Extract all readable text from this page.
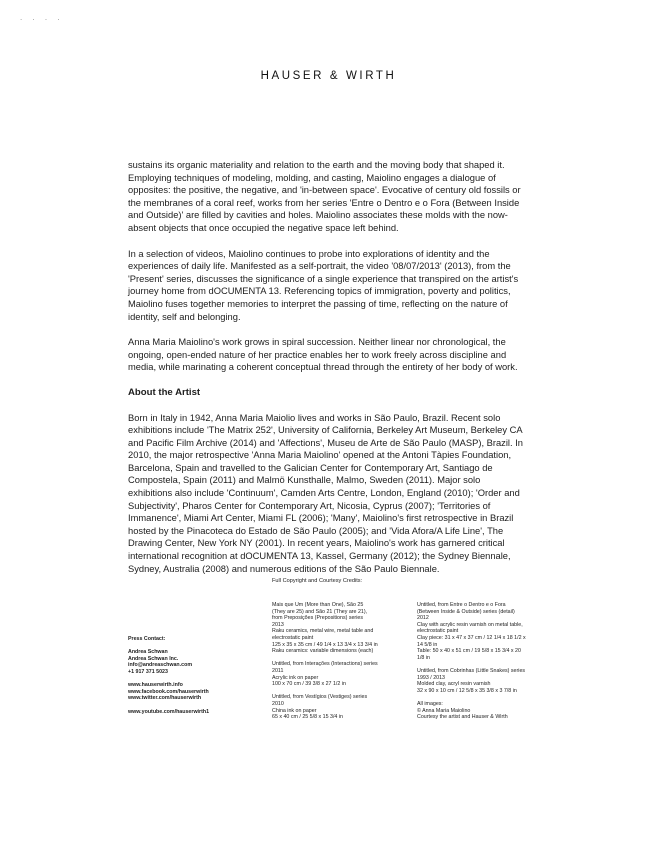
. . . .
HAUSER & WIRTH

sustains its organic materiality and relation to the earth and the moving body that shaped it. Employing techniques of modeling, molding, and casting, Maiolino engages a dialogue of opposites: the positive, the negative, and 'in-between space'. Evocative of century old fossils or the membranes of a coral reef, works from her series 'Entre o Dentro e o Fora (Between Inside and Outside)' are filled by cavities and holes. Maiolino associates these molds with the now-absent objects that once occupied the negative space left behind.

In a selection of videos, Maiolino continues to probe into explorations of identity and the experiences of daily life. Manifested as a self-portrait, the video '08/07/2013' (2013), from the 'Present' series, discusses the significance of a single experience that transpired on the artist's journey home from dOCUMENTA 13. Referencing topics of immigration, poverty and politics, Maiolino fuses together memories to interpret the passing of time, reflecting on the nature of identity, self and belonging.

Anna Maria Maiolino's work grows in spiral succession. Neither linear nor chronological, the ongoing, open-ended nature of her practice enables her to work freely across discipline and media, while marinating a coherent conceptual thread through the entirety of her body of work.

About the Artist

Born in Italy in 1942, Anna Maria Maiolio lives and works in São Paulo, Brazil. Recent solo exhibitions include 'The Matrix 252', University of California, Berkeley Art Museum, Berkeley CA and Pacific Film Archive (2014) and 'Affections', Museu de Arte de São Paulo (MASP), Brazil. In 2010, the major retrospective 'Anna Maria Maiolino' opened at the Antoni Tàpies Foundation, Barcelona, Spain and travelled to the Galician Center for Contemporary Art, Santiago de Compostela, Spain (2011) and Malmö Kunsthalle, Malmo, Sweden (2011). Major solo exhibitions also include 'Continuum', Camden Arts Centre, London, England (2010); 'Order and Subjectivity', Pharos Center for Contemporary Art, Nicosia, Cyprus (2007); 'Territories of Immanence', Miami Art Center, Miami FL (2006); 'Many', Maiolino's first retrospective in Brazil hosted by the Pinacoteca do Estado de São Paulo (2005); and 'Vida Afora/A Life Line', The Drawing Center, New York NY (2001). In recent years, Maiolino's work has garnered critical international recognition at dOCUMENTA 13, Kassel, Germany (2012); the Sydney Biennale, Sydney, Australia (2008) and numerous editions of the São Paulo Biennale.

Full Copyright and Courtesy Credits:
Press Contact:
Andrea Schwan
Andrea Schwan Inc.
info@andreaschwan.com
+1 917 371 5023
www.hauserwirth.info
www.facebook.com/hauserwirth
www.twitter.com/hauserwirth
www.youtube.com/hauserwirth1
Mais que Um (More than One), São 25
(They are 25) and São 21 (They are 21),
from Preposições (Prepositions) series
2013
Raku ceramics, metal wire, metal table and
electrostatic paint
125 x 35 x 35 cm / 49 1/4 x 13 3/4 x 13 3/4 in
Raku ceramics: variable dimensions (each)
Untitled, from Interações (Interactions) series
2011
Acrylic ink on paper
100 x 70 cm / 39 3/8 x 27 1/2 in
Untitled, from Vestígios (Vestiges) series
2010
China ink on paper
65 x 40 cm / 25 5/8 x 15 3/4 in
Untitled, from Entre o Dentro e o Fora
(Between Inside & Outside) series (detail)
2012
Clay with acrylic resin varnish on metal table,
electrostatic paint
Clay piece: 31 x 47 x 37 cm / 12 1/4 x 18 1/2 x
14 5/8 in
Table: 50 x 40 x 51 cm / 19 5/8 x 15 3/4 x 20
1/8 in
Untitled, from Cobrinhas (Little Snakes) series
1993 / 2013
Molded clay, acryl resin varnish
32 x 90 x 10 cm / 12 5/8 x 35 3/8 x 3 7/8 in
All images:
© Anna Maria Maiolino
Courtesy the artist and Hauser & Wirth
